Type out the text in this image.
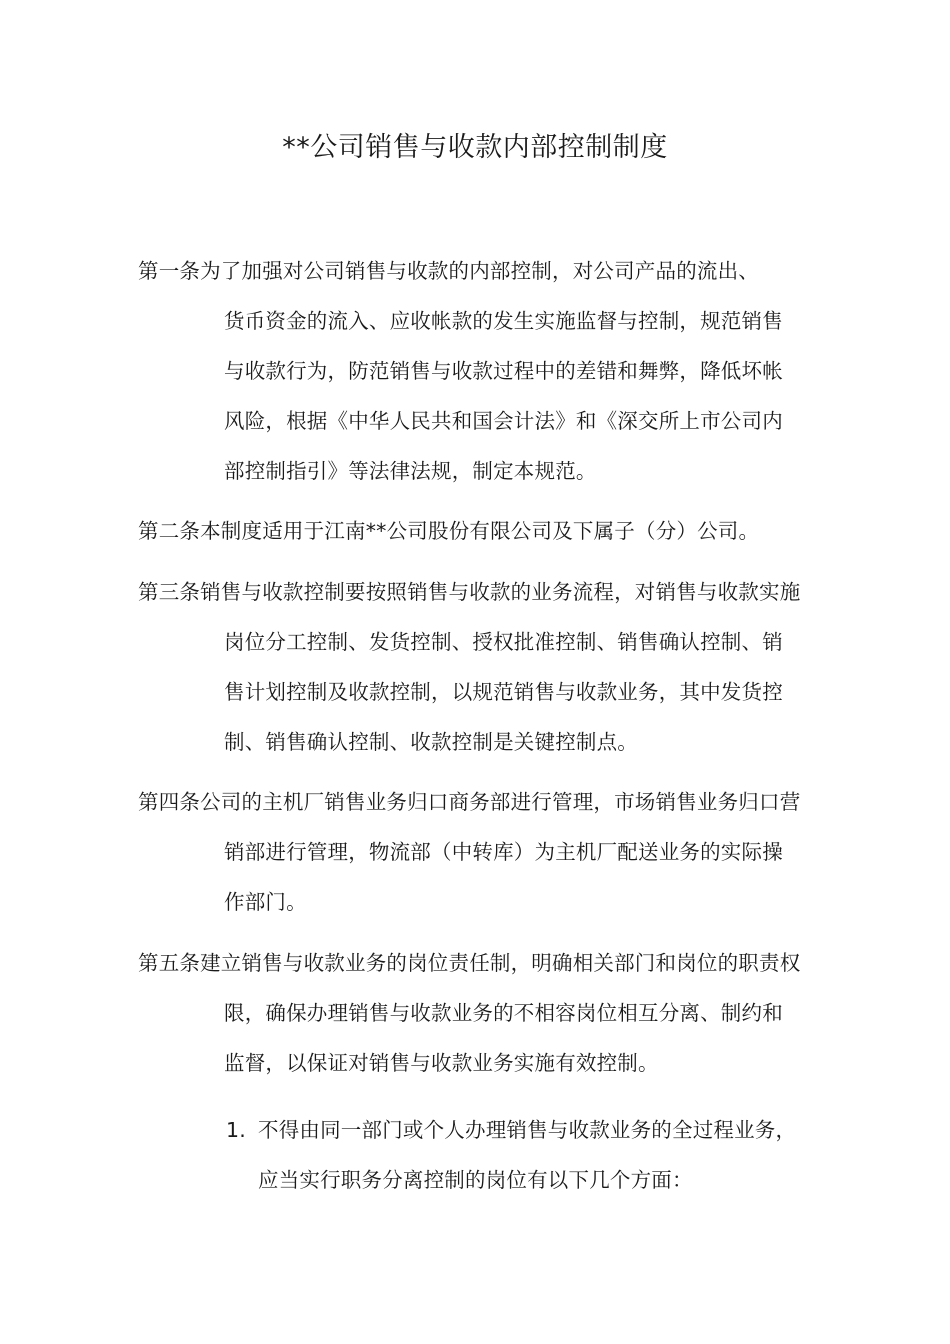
**公司销售与收款内部控制制度
第一条为了加强对公司销售与收款的内部控制，对公司产品的流出、
货币资金的流入、应收帐款的发生实施监督与控制，规范销售
与收款行为，防范销售与收款过程中的差错和舞弊，降低坏帐
风险，根据《中华人民共和国会计法》和《深交所上市公司内
部控制指引》等法律法规，制定本规范。
第二条本制度适用于江南**公司股份有限公司及下属子（分）公司。
第三条销售与收款控制要按照销售与收款的业务流程，对销售与收款实施
岗位分工控制、发货控制、授权批准控制、销售确认控制、销
售计划控制及收款控制，以规范销售与收款业务，其中发货控
制、销售确认控制、收款控制是关键控制点。
第四条公司的主机厂销售业务归口商务部进行管理，市场销售业务归口营
销部进行管理，物流部（中转库）为主机厂配送业务的实际操
作部门。
第五条建立销售与收款业务的岗位责任制，明确相关部门和岗位的职责权
限，确保办理销售与收款业务的不相容岗位相互分离、制约和
监督，以保证对销售与收款业务实施有效控制。
1. 不得由同一部门或个人办理销售与收款业务的全过程业务，
应当实行职务分离控制的岗位有以下几个方面：
